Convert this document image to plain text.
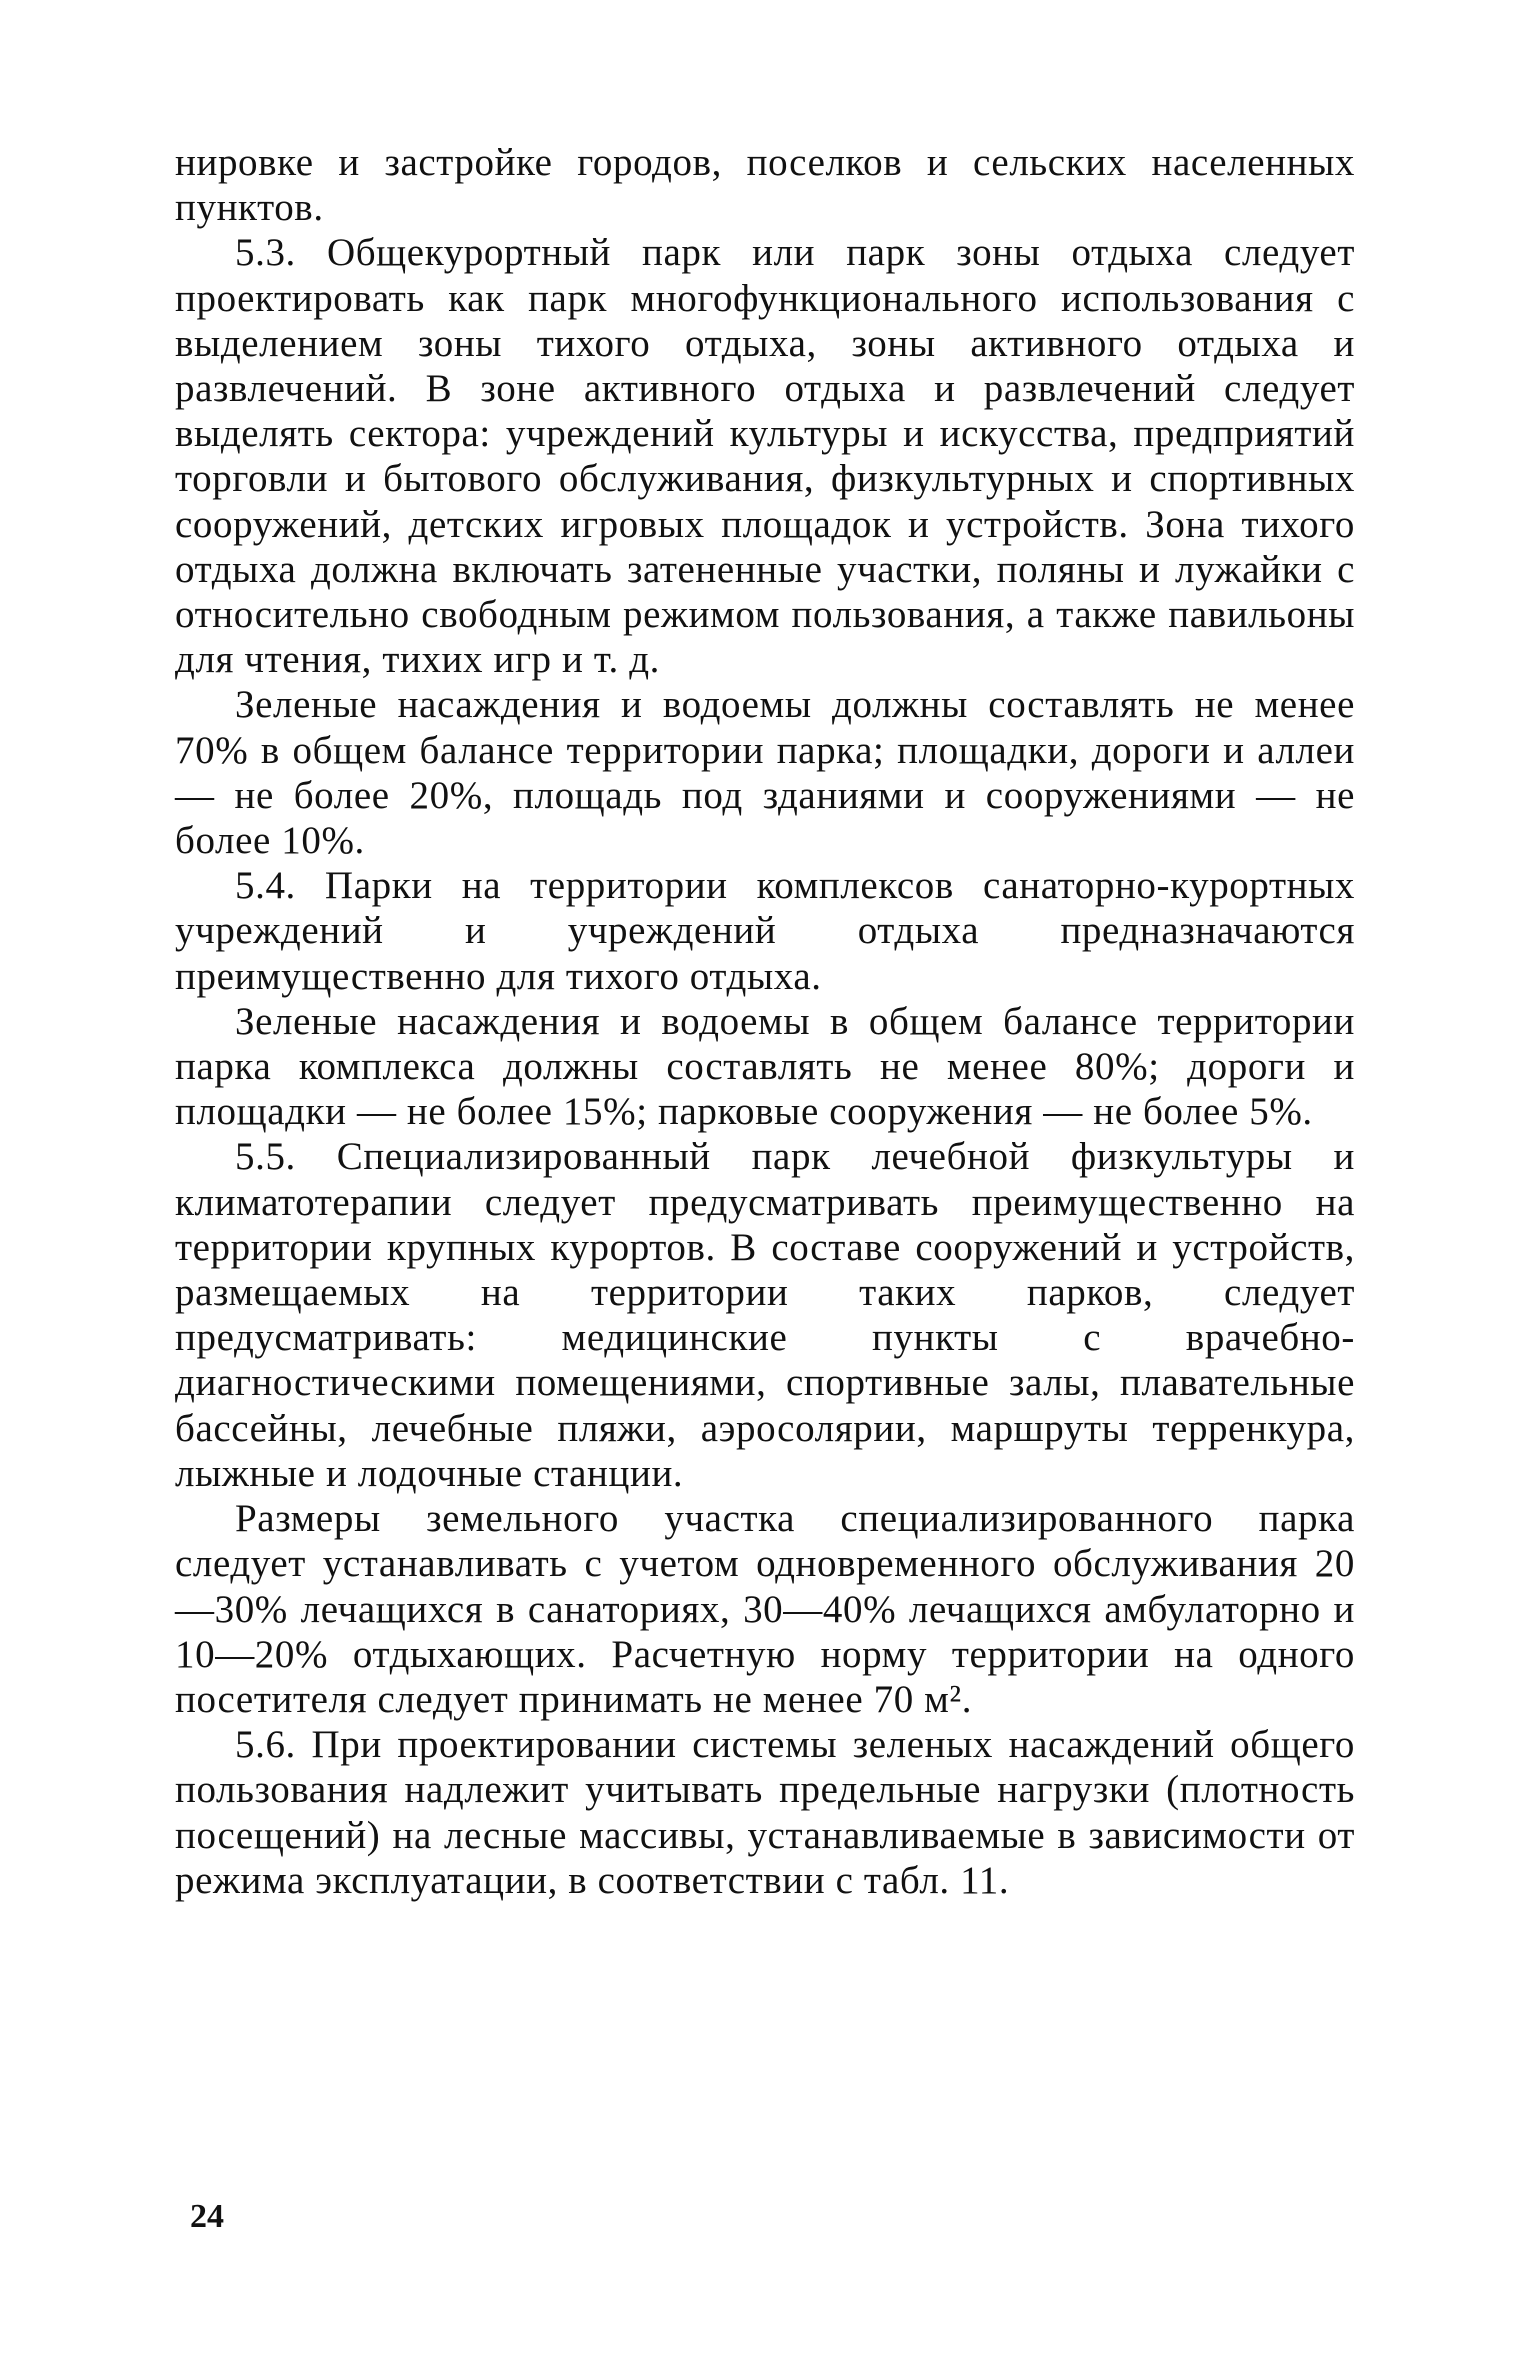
нировке и застройке городов, поселков и сельских населенных пунктов.

5.3. Общекурортный парк или парк зоны отдыха следует проектировать как парк многофункционального использования с выделением зоны тихого отдыха, зоны активного отдыха и развлечений. В зоне активного отдыха и развлечений следует выделять сектора: учреждений культуры и искусства, предприятий торговли и бытового обслуживания, физкультурных и спортивных сооружений, детских игровых площадок и устройств. Зона тихого отдыха должна включать затененные участки, поляны и лужайки с относительно свободным режимом пользования, а также павильоны для чтения, тихих игр и т. д.

Зеленые насаждения и водоемы должны составлять не менее 70% в общем балансе территории парка; площадки, дороги и аллеи — не более 20%, площадь под зданиями и сооружениями — не более 10%.

5.4. Парки на территории комплексов санаторно-курортных учреждений и учреждений отдыха предназначаются преимущественно для тихого отдыха.

Зеленые насаждения и водоемы в общем балансе территории парка комплекса должны составлять не менее 80%; дороги и площадки — не более 15%; парковые сооружения — не более 5%.

5.5. Специализированный парк лечебной физкультуры и климатотерапии следует предусматривать преимущественно на территории крупных курортов. В составе сооружений и устройств, размещаемых на территории таких парков, следует предусматривать: медицинские пункты с врачебно-диагностическими помещениями, спортивные залы, плавательные бассейны, лечебные пляжи, аэросолярии, маршруты терренкура, лыжные и лодочные станции.

Размеры земельного участка специализированного парка следует устанавливать с учетом одновременного обслуживания 20—30% лечащихся в санаториях, 30—40% лечащихся амбулаторно и 10—20% отдыхающих. Расчетную норму территории на одного посетителя следует принимать не менее 70 м².

5.6. При проектировании системы зеленых насаждений общего пользования надлежит учитывать предельные нагрузки (плотность посещений) на лесные массивы, устанавливаемые в зависимости от режима эксплуатации, в соответствии с табл. 11.

24
